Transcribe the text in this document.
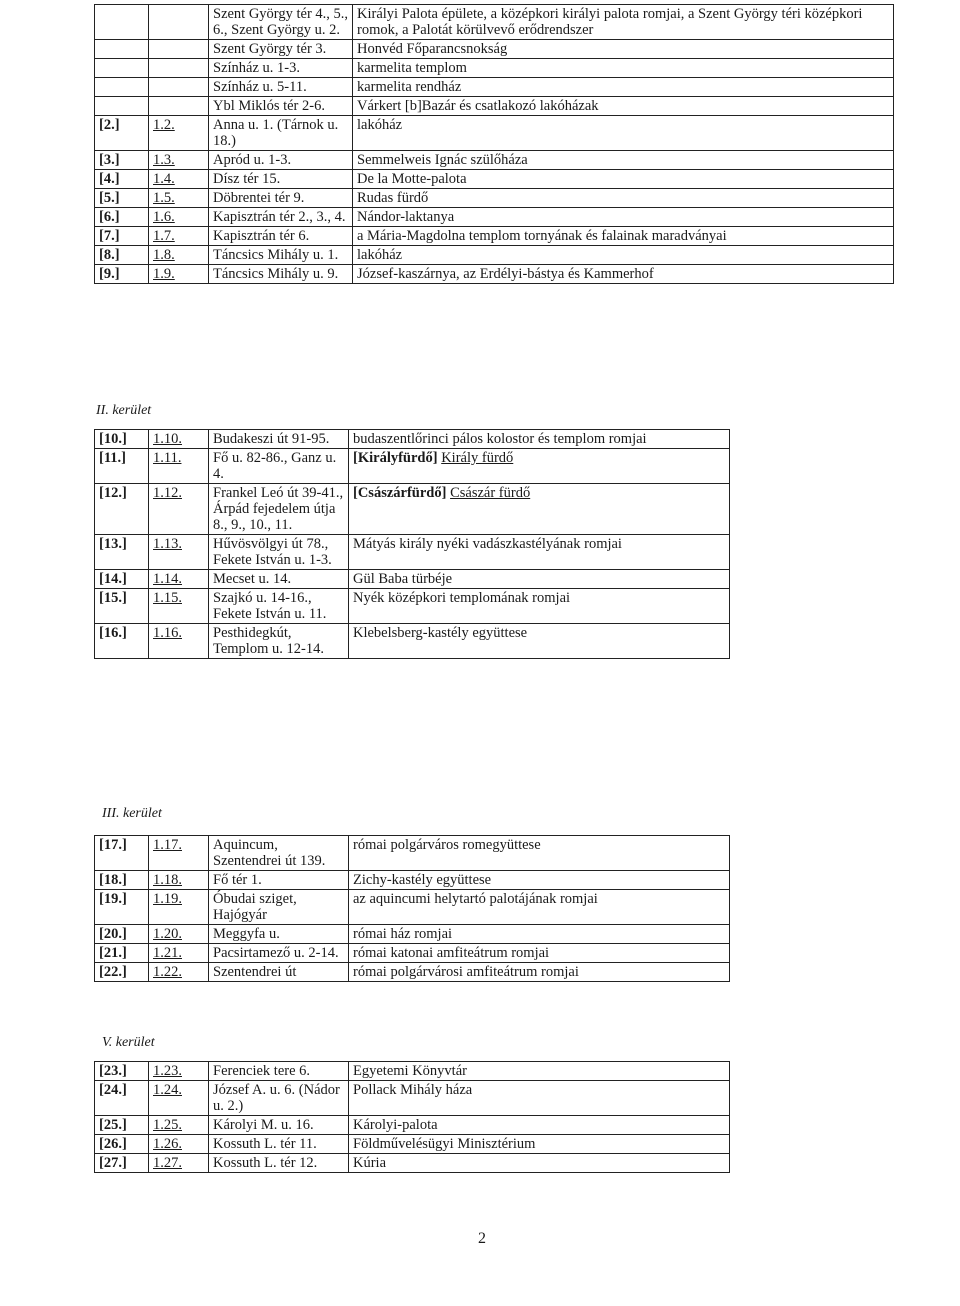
		Szent György tér 4., 5., 6., Szent György u. 2.	Királyi Palota épülete, a középkori királyi palota romjai, a Szent György téri középkori romok, a Palotát körülvevő erődrendszer
		Szent György tér 3.	Honvéd Főparancsnokság
		Színház u. 1-3.	karmelita templom
		Színház u. 5-11.	karmelita rendház
		Ybl Miklós tér 2-6.	Várkert [b]Bazár és csatlakozó lakóházak
[2.]	1.2.	Anna u. 1. (Tárnok u. 18.)	lakóház
[3.]	1.3.	Apród u. 1-3.	Semmelweis Ignác szülőháza
[4.]	1.4.	Dísz tér 15.	De la Motte-palota
[5.]	1.5.	Döbrentei tér 9.	Rudas fürdő
[6.]	1.6.	Kapisztrán tér 2., 3., 4.	Nándor-laktanya
[7.]	1.7.	Kapisztrán tér 6.	a Mária-Magdolna templom tornyának és falainak maradványai
[8.]	1.8.	Táncsics Mihály u. 1.	lakóház
[9.]	1.9.	Táncsics Mihály u. 9.	József-kaszárnya, az Erdélyi-bástya és Kammerhof
II. kerület
[10.]	1.10.	Budakeszi út 91-95.	budaszentlőrinci pálos kolostor és templom romjai
[11.]	1.11.	Fő u. 82-86., Ganz u. 4.	[Királyfürdő] Király fürdő
[12.]	1.12.	Frankel Leó út 39-41., Árpád fejedelem útja 8., 9., 10., 11.	[Császárfürdő] Császár fürdő
[13.]	1.13.	Hűvösvölgyi út 78., Fekete István u. 1-3.	Mátyás király nyéki vadászkastélyának romjai
[14.]	1.14.	Mecset u. 14.	Gül Baba türbéje
[15.]	1.15.	Szajkó u. 14-16., Fekete István u. 11.	Nyék középkori templomának romjai
[16.]	1.16.	Pesthidegkút, Templom u. 12-14.	Klebelsberg-kastély együttese
III. kerület
[17.]	1.17.	Aquincum, Szentendrei út 139.	római polgárváros romegyüttese
[18.]	1.18.	Fő tér 1.	Zichy-kastély együttese
[19.]	1.19.	Óbudai sziget, Hajógyár	az aquincumi helytartó palotájának romjai
[20.]	1.20.	Meggyfa u.	római ház romjai
[21.]	1.21.	Pacsirtamező u. 2-14.	római katonai amfiteátrum romjai
[22.]	1.22.	Szentendrei út	római polgárvárosi amfiteátrum romjai
V. kerület
[23.]	1.23.	Ferenciek tere 6.	Egyetemi Könyvtár
[24.]	1.24.	József A. u. 6. (Nádor u. 2.)	Pollack Mihály háza
[25.]	1.25.	Károlyi M. u. 16.	Károlyi-palota
[26.]	1.26.	Kossuth L. tér 11.	Földművelésügyi Minisztérium
[27.]	1.27.	Kossuth L. tér 12.	Kúria
2
